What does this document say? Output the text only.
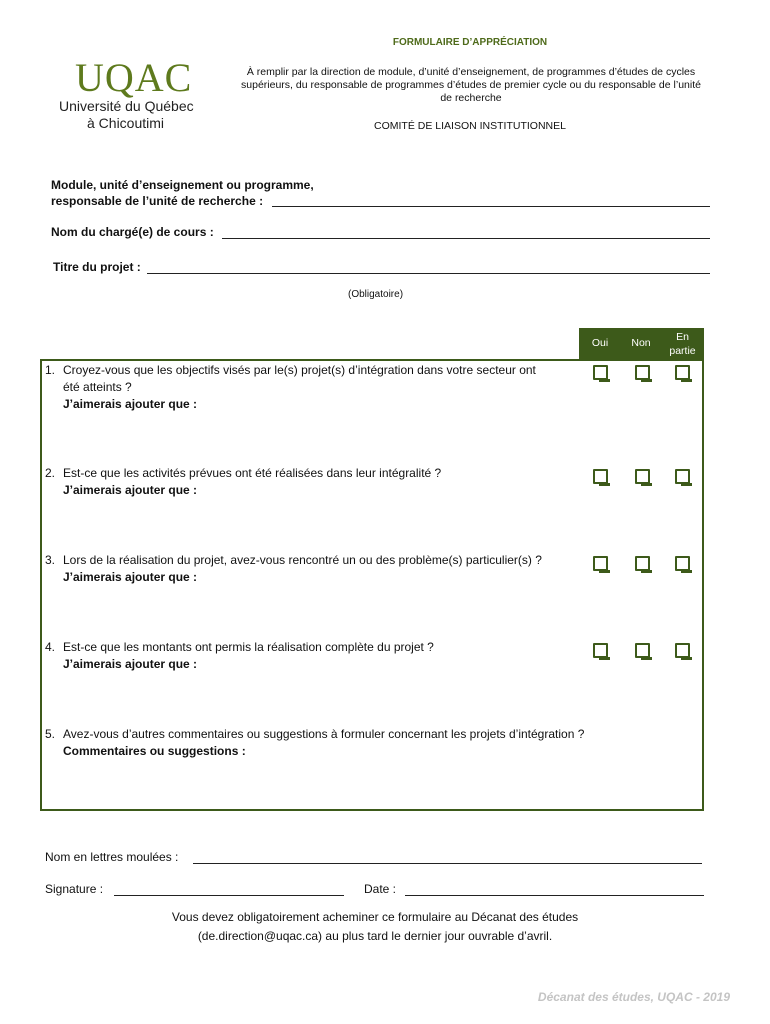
UQAC
Université du Québec
à Chicoutimi
FORMULAIRE D’APPRÉCIATION
À remplir par la direction de module, d’unité d’enseignement, de programmes d’études de cycles supérieurs, du responsable de programmes d’études de premier cycle ou du responsable de l’unité de recherche
COMITÉ DE LIAISON INSTITUTIONNEL
Module, unité d’enseignement ou programme,
responsable de l’unité de recherche :
Nom du chargé(e) de cours :
Titre du projet :
(Obligatoire)
Oui	Non	En
partie
1. Croyez-vous que les objectifs visés par le(s) projet(s) d’intégration dans votre secteur ont
été atteints ?
J’aimerais ajouter que :
2. Est-ce que les activités prévues ont été réalisées dans leur intégralité ?
J’aimerais ajouter que :
3. Lors de la réalisation du projet, avez-vous rencontré un ou des problème(s) particulier(s) ?
J’aimerais ajouter que :
4. Est-ce que les montants ont permis la réalisation complète du projet ?
J’aimerais ajouter que :
5. Avez-vous d’autres commentaires ou suggestions à formuler concernant les projets d’intégration ?
Commentaires ou suggestions :
Nom en lettres moulées :
Signature :	Date :
Vous devez obligatoirement acheminer ce formulaire au Décanat des études
(de.direction@uqac.ca) au plus tard le dernier jour ouvrable d’avril.
Décanat des études, UQAC - 2019
